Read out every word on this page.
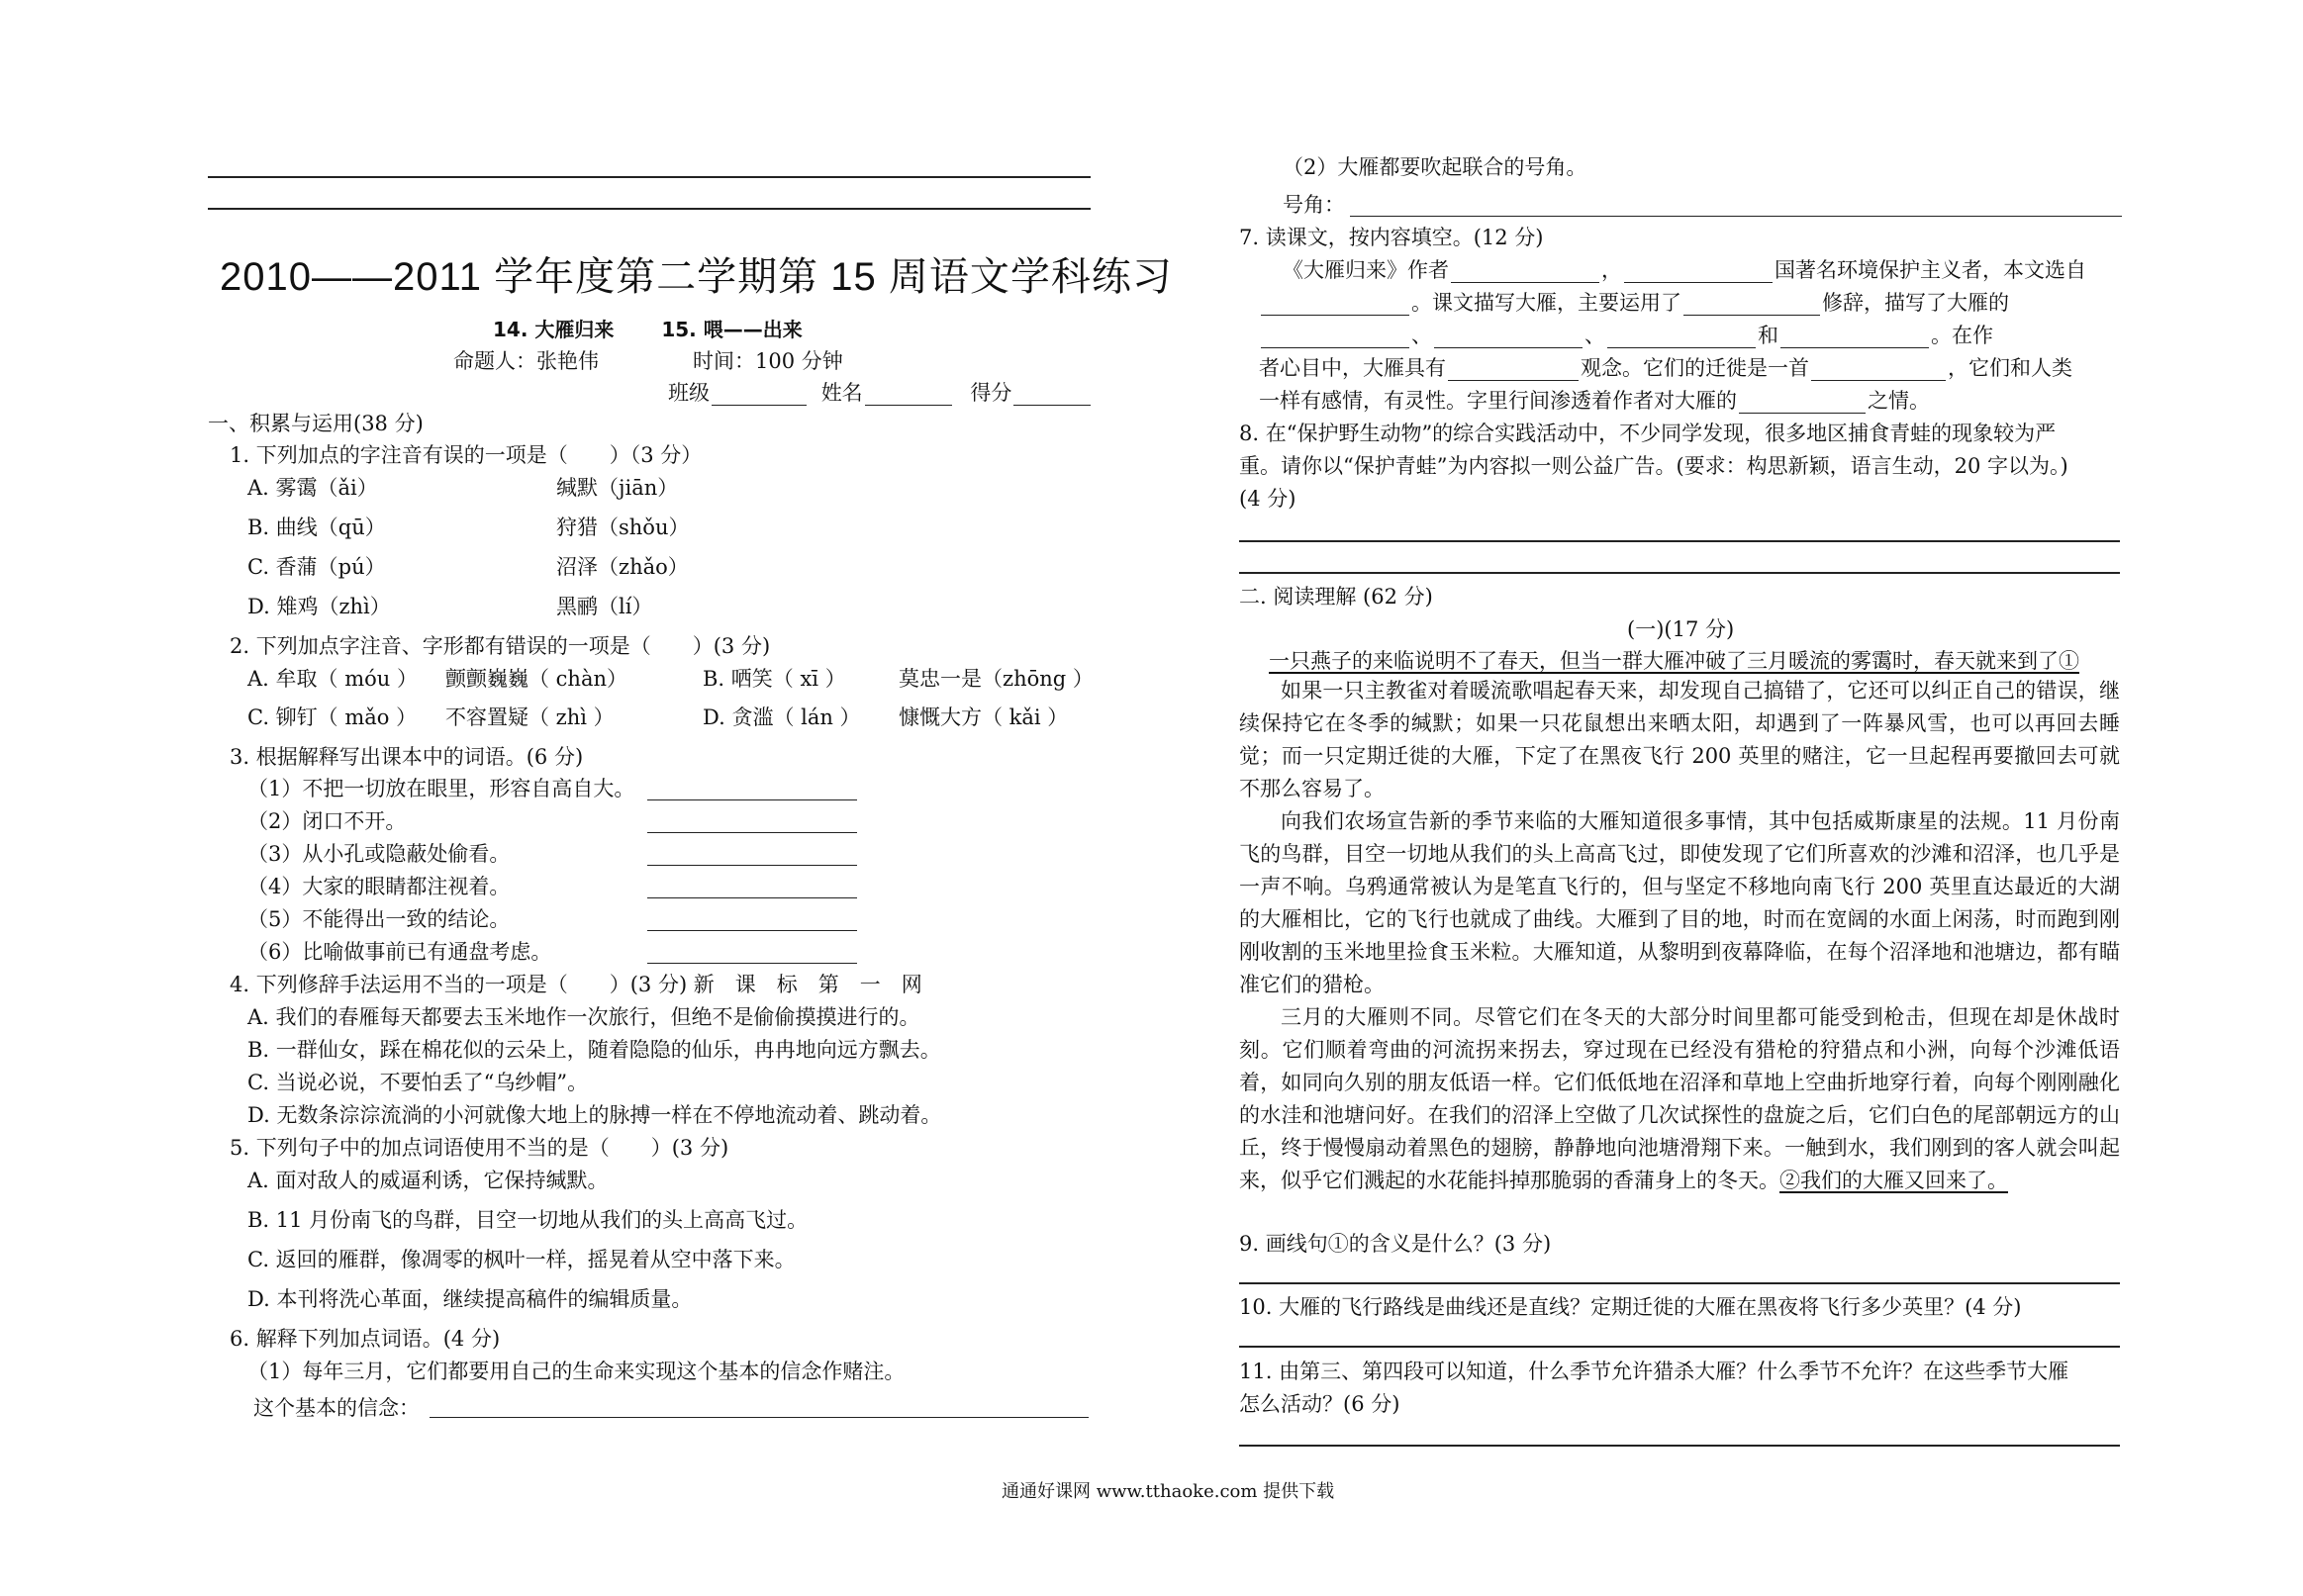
2010——2011 学年度第二学期第 15 周语文学科练习
14. 大雁归来 15. 喂——出来
命题人：张艳伟	时间：100 分钟
班级	姓名	得分
一、积累与运用(38 分)
1. 下列加点的字注音有误的一项是（　　）（3 分）
A. 雾霭（ǎi）	缄默（jiān）
B. 曲线（qū）	狩猎（shǒu）
C. 香蒲（pú）	沼泽（zhǎo）
D. 雉鸡（zhì）	黑鹂（lí）
2. 下列加点字注音、字形都有错误的一项是（　　）(3 分)
A. 牟取（ móu ） 颤颤巍巍（ chàn）	B. 哂笑（ xī ）	莫忠一是（zhōng ）
C. 铆钉（ mǎo ） 不容置疑（ zhì ）	D. 贪滥（ lán ） 慷慨大方（ kǎi ）
3. 根据解释写出课本中的词语。(6 分)
（1）不把一切放在眼里，形容自高自大。
（2）闭口不开。
（3）从小孔或隐蔽处偷看。
（4）大家的眼睛都注视着。
（5）不能得出一致的结论。
（6）比喻做事前已有通盘考虑。
4. 下列修辞手法运用不当的一项是（　　）(3 分) 新　课　标　第　一　网
A. 我们的春雁每天都要去玉米地作一次旅行，但绝不是偷偷摸摸进行的。
B. 一群仙女，踩在棉花似的云朵上，随着隐隐的仙乐，冉冉地向远方飘去。
C. 当说必说，不要怕丢了“乌纱帽”。
D. 无数条淙淙流淌的小河就像大地上的脉搏一样在不停地流动着、跳动着。
5. 下列句子中的加点词语使用不当的是（　　）(3 分)
A. 面对敌人的威逼利诱，它保持缄默。
B. 11 月份南飞的鸟群，目空一切地从我们的头上高高飞过。
C. 返回的雁群，像凋零的枫叶一样，摇晃着从空中落下来。
D. 本刊将洗心革面，继续提高稿件的编辑质量。
6. 解释下列加点词语。(4 分)
（1）每年三月，它们都要用自己的生命来实现这个基本的信念作赌注。
这个基本的信念：
（2）大雁都要吹起联合的号角。
号角：
7. 读课文，按内容填空。(12 分)
《大雁归来》作者	，	国著名环境保护主义者，本文选自
。课文描写大雁，主要运用了	修辞，描写了大雁的
、	、	和	。在作
者心目中，大雁具有	观念。它们的迁徙是一首	，它们和人类
一样有感情，有灵性。字里行间渗透着作者对大雁的	之情。
8. 在“保护野生动物”的综合实践活动中，不少同学发现，很多地区捕食青蛙的现象较为严
重。请你以“保护青蛙”为内容拟一则公益广告。(要求：构思新颖，语言生动，20 字以为。)
(4 分)
二. 阅读理解 (62 分)
(一)(17 分)
一只燕子的来临说明不了春天，但当一群大雁冲破了三月暖流的雾霭时，春天就来到了①
如果一只主教雀对着暖流歌唱起春天来，却发现自己搞错了，它还可以纠正自己的错误，继续保持它在冬季的缄默；如果一只花鼠想出来晒太阳，却遇到了一阵暴风雪，也可以再回去睡觉；而一只定期迁徙的大雁，下定了在黑夜飞行 200 英里的赌注，它一旦起程再要撤回去可就不那么容易了。
向我们农场宣告新的季节来临的大雁知道很多事情，其中包括威斯康星的法规。11 月份南飞的鸟群，目空一切地从我们的头上高高飞过，即使发现了它们所喜欢的沙滩和沼泽，也几乎是一声不响。乌鸦通常被认为是笔直飞行的，但与坚定不移地向南飞行 200 英里直达最近的大湖的大雁相比，它的飞行也就成了曲线。大雁到了目的地，时而在宽阔的水面上闲荡，时而跑到刚刚收割的玉米地里捡食玉米粒。大雁知道，从黎明到夜幕降临，在每个沼泽地和池塘边，都有瞄准它们的猎枪。
三月的大雁则不同。尽管它们在冬天的大部分时间里都可能受到枪击，但现在却是休战时刻。它们顺着弯曲的河流拐来拐去，穿过现在已经没有猎枪的狩猎点和小洲，向每个沙滩低语着，如同向久别的朋友低语一样。它们低低地在沼泽和草地上空曲折地穿行着，向每个刚刚融化的水洼和池塘问好。在我们的沼泽上空做了几次试探性的盘旋之后，它们白色的尾部朝远方的山丘，终于慢慢扇动着黑色的翅膀，静静地向池塘滑翔下来。一触到水，我们刚到的客人就会叫起来，似乎它们溅起的水花能抖掉那脆弱的香蒲身上的冬天。②我们的大雁又回来了。
9. 画线句①的含义是什么？(3 分)
10. 大雁的飞行路线是曲线还是直线？定期迁徙的大雁在黑夜将飞行多少英里？(4 分)
11. 由第三、第四段可以知道，什么季节允许猎杀大雁？什么季节不允许？在这些季节大雁
怎么活动？(6 分)
通通好课网 www.tthaoke.com 提供下载
